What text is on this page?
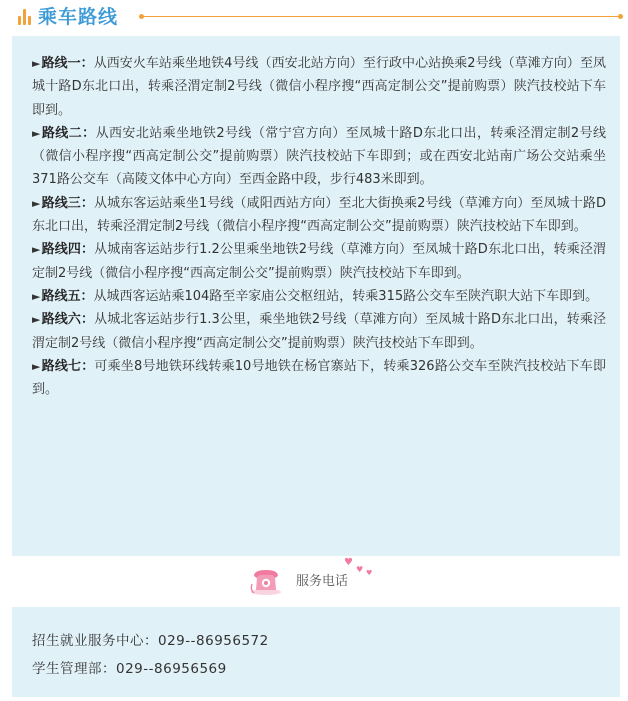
乘车路线

►路线一：从西安火车站乘坐地铁4号线（西安北站方向）至行政中心站换乘2号线（草滩方向）至凤城十路D东北口出，转乘泾渭定制2号线（微信小程序搜“西高定制公交”提前购票）陕汽技校站下车即到。

►路线二：从西安北站乘坐地铁2号线（常宁宫方向）至凤城十路D东北口出，转乘泾渭定制2号线（微信小程序搜“西高定制公交”提前购票）陕汽技校站下车即到；或在西安北站南广场公交站乘坐371路公交车（高陵文体中心方向）至西金路中段，步行483米即到。

►路线三：从城东客运站乘坐1号线（咸阳西站方向）至北大街换乘2号线（草滩方向）至凤城十路D东北口出，转乘泾渭定制2号线（微信小程序搜“西高定制公交”提前购票）陕汽技校站下车即到。

►路线四：从城南客运站步行1.2公里乘坐地铁2号线（草滩方向）至凤城十路D东北口出，转乘泾渭定制2号线（微信小程序搜“西高定制公交”提前购票）陕汽技校站下车即到。

►路线五：从城西客运站乘104路至辛家庙公交枢纽站，转乘315路公交车至陕汽职大站下车即到。

►路线六：从城北客运站步行1.3公里，乘坐地铁2号线（草滩方向）至凤城十路D东北口出，转乘泾渭定制2号线（微信小程序搜“西高定制公交”提前购票）陕汽技校站下车即到。

►路线七：可乘坐8号地铁环线转乘10号地铁在杨官寨站下，转乘326路公交车至陕汽技校站下车即到。

♥
♥ ♥
服务电话
招生就业服务中心：029--86956572
学生管理部：029--86956569
